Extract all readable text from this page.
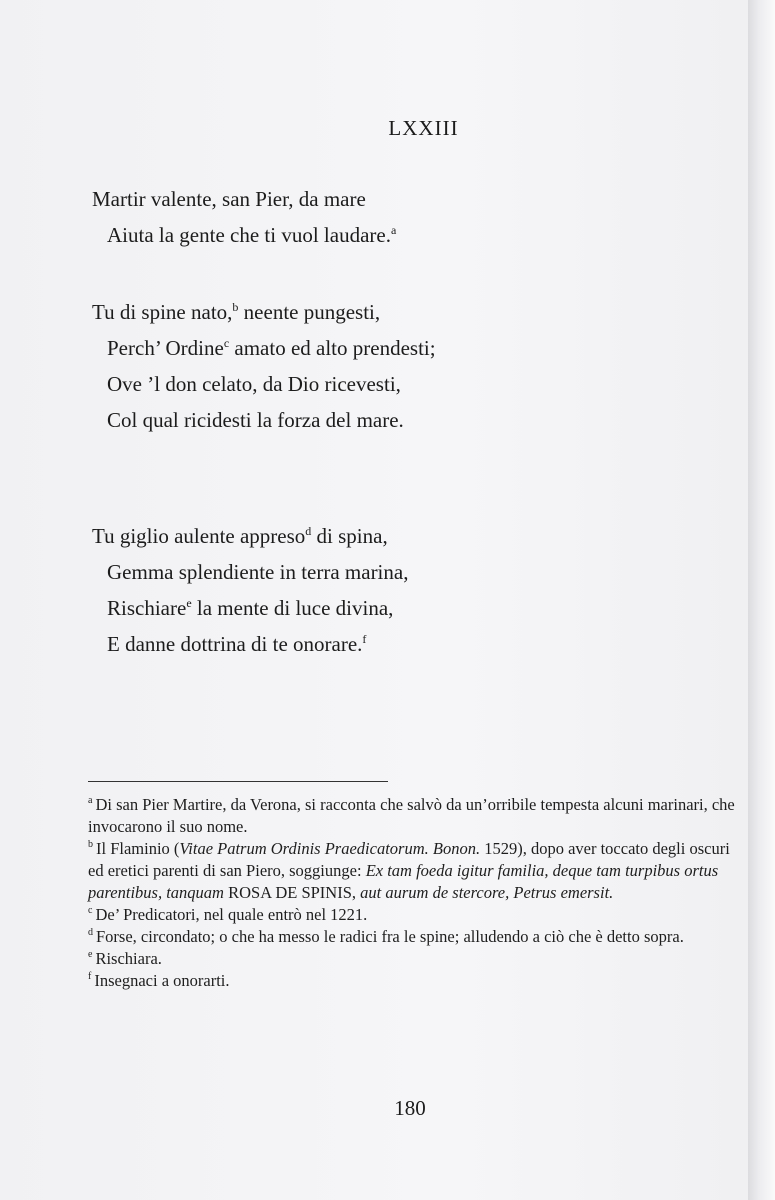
LXXIII
Martir valente, san Pier, da mare
Aiuta la gente che ti vuol laudare.$^a$
Tu di spine nato,$^b$ neente pungesti,
Perch’ Ordine$^c$ amato ed alto prendesti;
Ove ’l don celato, da Dio ricevesti,
Col qual ricidesti la forza del mare.
Tu giglio aulente appreso$^d$ di spina,
Gemma splendiente in terra marina,
Rischiare$^e$ la mente di luce divina,
E danne dottrina di te onorare.$^f$

$^a$ Di san Pier Martire, da Verona, si racconta che salvò da un’orribile tempesta alcuni marinari, che invocarono il suo nome.

$^b$ Il Flaminio (Vitae Patrum Ordinis Praedicatorum. Bonon. 1529), dopo aver toccato degli oscuri ed eretici parenti di san Piero, soggiunge: Ex tam foeda igitur familia, deque tam turpibus ortus parentibus, tanquam ROSA DE SPINIS, aut aurum de stercore, Petrus emersit.

$^c$ De’ Predicatori, nel quale entrò nel 1221.

$^d$ Forse, circondato; o che ha messo le radici fra le spine; alludendo a ciò che è detto sopra.

$^e$ Rischiara.

$^f$ Insegnaci a onorarti.

180
